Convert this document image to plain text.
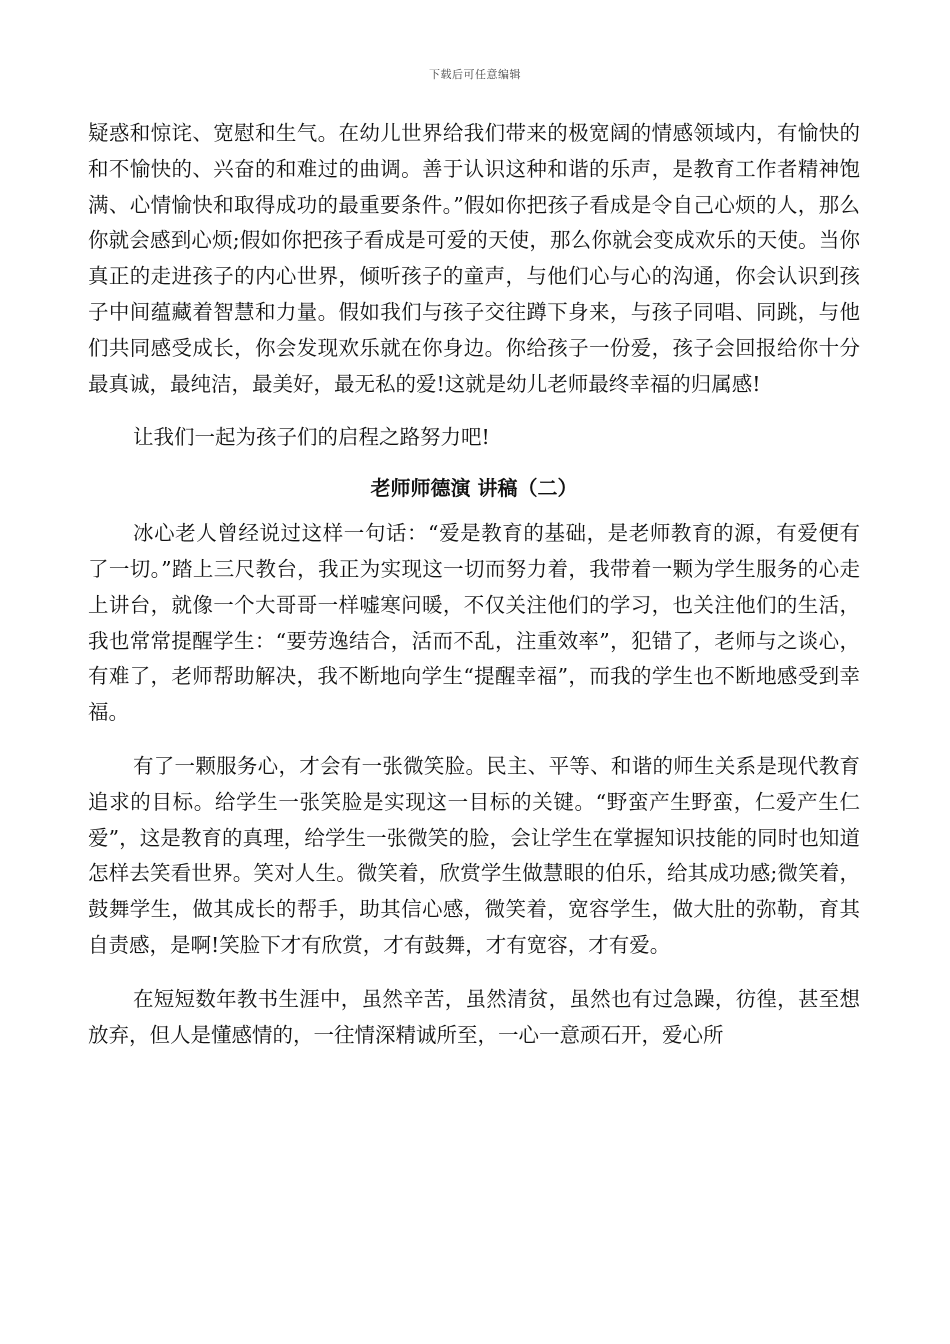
下载后可任意编辑

疑惑和惊诧、宽慰和生气。在幼儿世界给我们带来的极宽阔的情感领域内，有愉快的和不愉快的、兴奋的和难过的曲调。善于认识这种和谐的乐声，是教育工作者精神饱满、心情愉快和取得成功的最重要条件。”假如你把孩子看成是令自己心烦的人，那么你就会感到心烦;假如你把孩子看成是可爱的天使，那么你就会变成欢乐的天使。当你真正的走进孩子的内心世界，倾听孩子的童声，与他们心与心的沟通，你会认识到孩子中间蕴藏着智慧和力量。假如我们与孩子交往蹲下身来，与孩子同唱、同跳，与他们共同感受成长，你会发现欢乐就在你身边。你给孩子一份爱，孩子会回报给你十分最真诚，最纯洁，最美好，最无私的爱!这就是幼儿老师最终幸福的归属感!

让我们一起为孩子们的启程之路努力吧!

老师师德演 讲稿（二）

冰心老人曾经说过这样一句话：“爱是教育的基础，是老师教育的源，有爱便有了一切。”踏上三尺教台，我正为实现这一切而努力着，我带着一颗为学生服务的心走上讲台，就像一个大哥哥一样嘘寒问暖，不仅关注他们的学习，也关注他们的生活，我也常常提醒学生：“要劳逸结合，活而不乱，注重效率”，犯错了，老师与之谈心，有难了，老师帮助解决，我不断地向学生“提醒幸福”，而我的学生也不断地感受到幸福。

有了一颗服务心，才会有一张微笑脸。民主、平等、和谐的师生关系是现代教育追求的目标。给学生一张笑脸是实现这一目标的关键。“野蛮产生野蛮，仁爱产生仁爱”，这是教育的真理，给学生一张微笑的脸，会让学生在掌握知识技能的同时也知道怎样去笑看世界。笑对人生。微笑着，欣赏学生做慧眼的伯乐，给其成功感;微笑着，鼓舞学生，做其成长的帮手，助其信心感，微笑着，宽容学生，做大肚的弥勒，育其自责感，是啊!笑脸下才有欣赏，才有鼓舞，才有宽容，才有爱。

在短短数年教书生涯中，虽然辛苦，虽然清贫，虽然也有过急躁，彷徨，甚至想放弃，但人是懂感情的，一往情深精诚所至，一心一意顽石开，爱心所
